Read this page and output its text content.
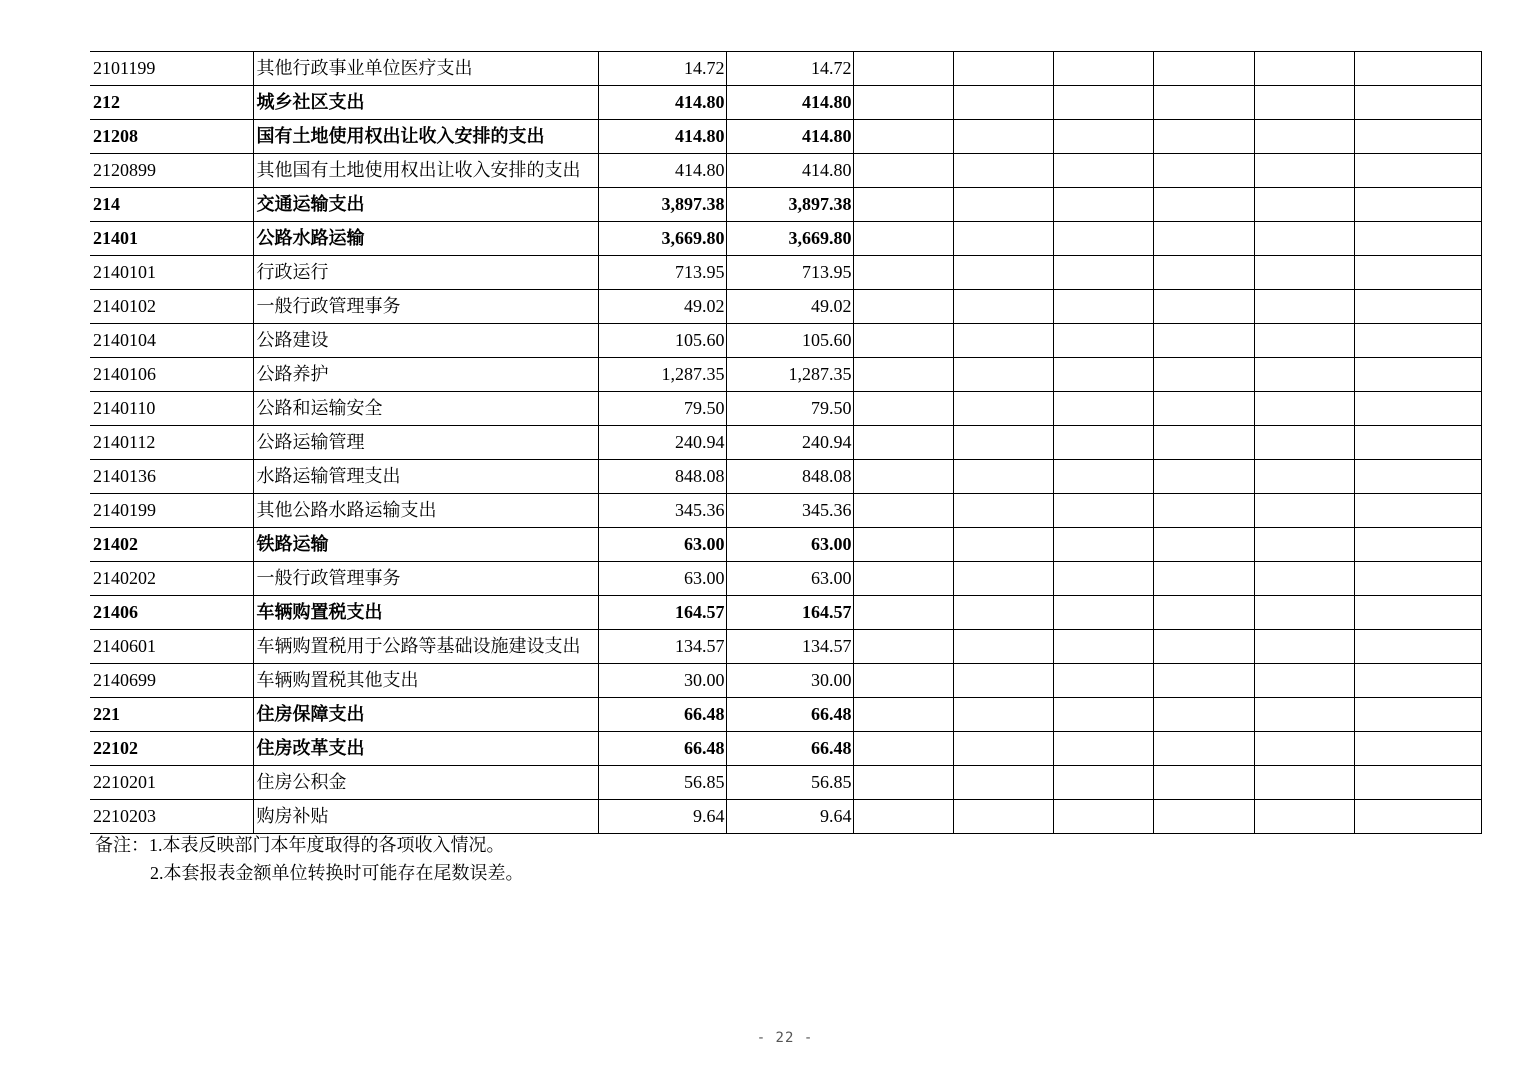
2101199	其他行政事业单位医疗支出	14.72	14.72						
212	城乡社区支出	414.80	414.80						
21208	国有土地使用权出让收入安排的支出	414.80	414.80						
2120899	其他国有土地使用权出让收入安排的支出	414.80	414.80						
214	交通运输支出	3,897.38	3,897.38						
21401	公路水路运输	3,669.80	3,669.80						
2140101	行政运行	713.95	713.95						
2140102	一般行政管理事务	49.02	49.02						
2140104	公路建设	105.60	105.60						
2140106	公路养护	1,287.35	1,287.35						
2140110	公路和运输安全	79.50	79.50						
2140112	公路运输管理	240.94	240.94						
2140136	水路运输管理支出	848.08	848.08						
2140199	其他公路水路运输支出	345.36	345.36						
21402	铁路运输	63.00	63.00						
2140202	一般行政管理事务	63.00	63.00						
21406	车辆购置税支出	164.57	164.57						
2140601	车辆购置税用于公路等基础设施建设支出	134.57	134.57						
2140699	车辆购置税其他支出	30.00	30.00						
221	住房保障支出	66.48	66.48						
22102	住房改革支出	66.48	66.48						
2210201	住房公积金	56.85	56.85						
2210203	购房补贴	9.64	9.64						
备注：1.本表反映部门本年度取得的各项收入情况。
2.本套报表金额单位转换时可能存在尾数误差。
- 22 -
